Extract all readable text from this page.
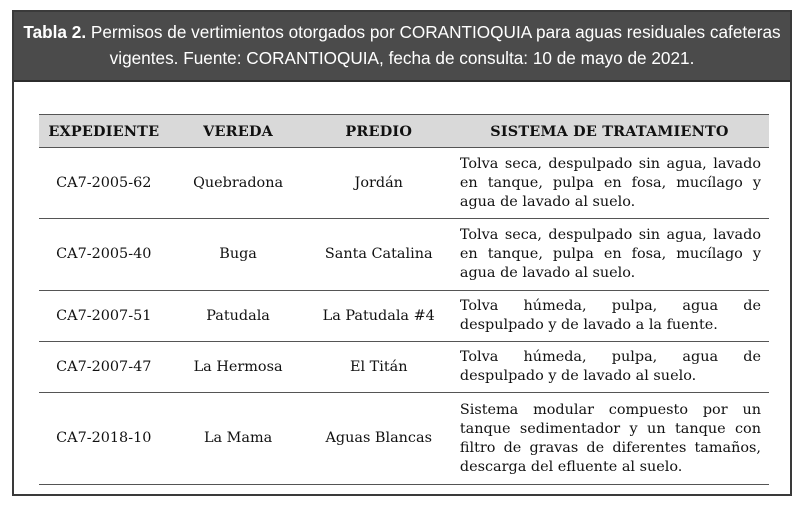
Tabla 2. Permisos de vertimientos otorgados por CORANTIOQUIA para aguas residuales cafeteras vigentes. Fuente: CORANTIOQUIA, fecha de consulta: 10 de mayo de 2021.
EXPEDIENTE	VEREDA	PREDIO	SISTEMA DE TRATAMIENTO
CA7-2005-62	Quebradona	Jordán	Tolva seca, despulpado sin agua, lavado en tanque, pulpa en fosa, mucílago y agua de lavado al suelo.
CA7-2005-40	Buga	Santa Catalina	Tolva seca, despulpado sin agua, lavado en tanque, pulpa en fosa, mucílago y agua de lavado al suelo.
CA7-2007-51	Patudala	La Patudala #4	Tolva húmeda, pulpa, agua de despulpado y de lavado a la fuente.
CA7-2007-47	La Hermosa	El Titán	Tolva húmeda, pulpa, agua de despulpado y de lavado al suelo.
CA7-2018-10	La Mama	Aguas Blancas	Sistema modular compuesto por un tanque sedimentador y un tanque con filtro de gravas de diferentes tamaños, descarga del efluente al suelo.
